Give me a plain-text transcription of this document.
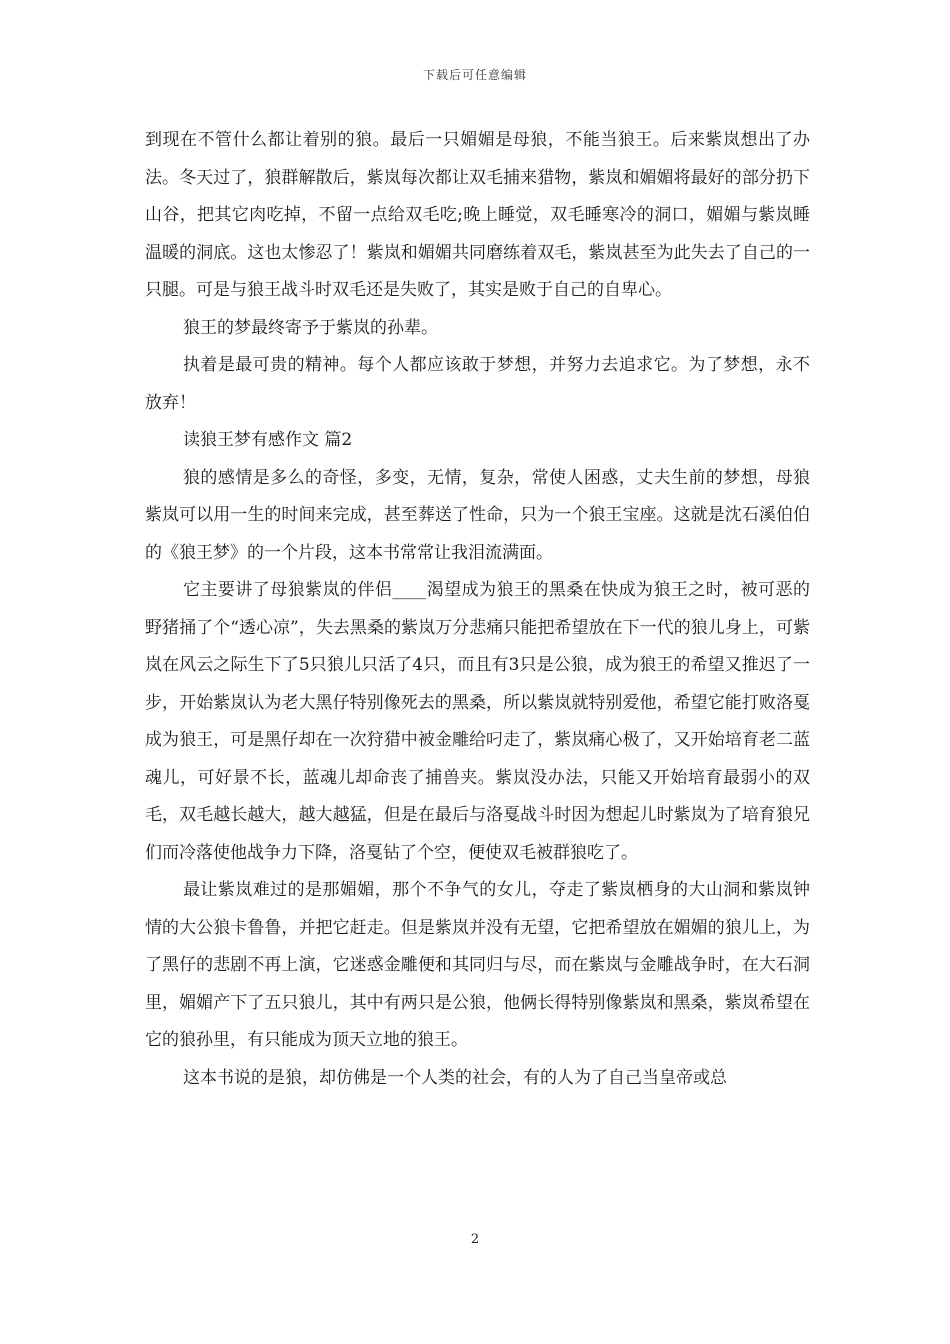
下载后可任意编辑

到现在不管什么都让着别的狼。最后一只媚媚是母狼，不能当狼王。后来紫岚想出了办法。冬天过了，狼群解散后，紫岚每次都让双毛捕来猎物，紫岚和媚媚将最好的部分扔下山谷，把其它肉吃掉，不留一点给双毛吃;晚上睡觉，双毛睡寒冷的洞口，媚媚与紫岚睡温暖的洞底。这也太惨忍了！紫岚和媚媚共同磨练着双毛，紫岚甚至为此失去了自己的一只腿。可是与狼王战斗时双毛还是失败了，其实是败于自己的自卑心。

狼王的梦最终寄予于紫岚的孙辈。

执着是最可贵的精神。每个人都应该敢于梦想，并努力去追求它。为了梦想，永不放弃！

读狼王梦有感作文 篇2

狼的感情是多么的奇怪，多变，无情，复杂，常使人困惑，丈夫生前的梦想，母狼紫岚可以用一生的时间来完成，甚至葬送了性命，只为一个狼王宝座。这就是沈石溪伯伯的《狼王梦》的一个片段，这本书常常让我泪流满面。

它主要讲了母狼紫岚的伴侣____渴望成为狼王的黑桑在快成为狼王之时，被可恶的野猪捅了个“透心凉”，失去黑桑的紫岚万分悲痛只能把希望放在下一代的狼儿身上，可紫岚在风云之际生下了5只狼儿只活了4只，而且有3只是公狼，成为狼王的希望又推迟了一步，开始紫岚认为老大黑仔特别像死去的黑桑，所以紫岚就特别爱他，希望它能打败洛戛成为狼王，可是黑仔却在一次狩猎中被金雕给叼走了，紫岚痛心极了，又开始培育老二蓝魂儿，可好景不长，蓝魂儿却命丧了捕兽夹。紫岚没办法，只能又开始培育最弱小的双毛，双毛越长越大，越大越猛，但是在最后与洛戛战斗时因为想起儿时紫岚为了培育狼兄们而冷落使他战争力下降，洛戛钻了个空，便使双毛被群狼吃了。

最让紫岚难过的是那媚媚，那个不争气的女儿，夺走了紫岚栖身的大山洞和紫岚钟情的大公狼卡鲁鲁，并把它赶走。但是紫岚并没有无望，它把希望放在媚媚的狼儿上，为了黑仔的悲剧不再上演，它迷惑金雕便和其同归与尽，而在紫岚与金雕战争时，在大石洞里，媚媚产下了五只狼儿，其中有两只是公狼，他俩长得特别像紫岚和黑桑，紫岚希望在它的狼孙里，有只能成为顶天立地的狼王。

这本书说的是狼，却仿佛是一个人类的社会，有的人为了自己当皇帝或总

2
